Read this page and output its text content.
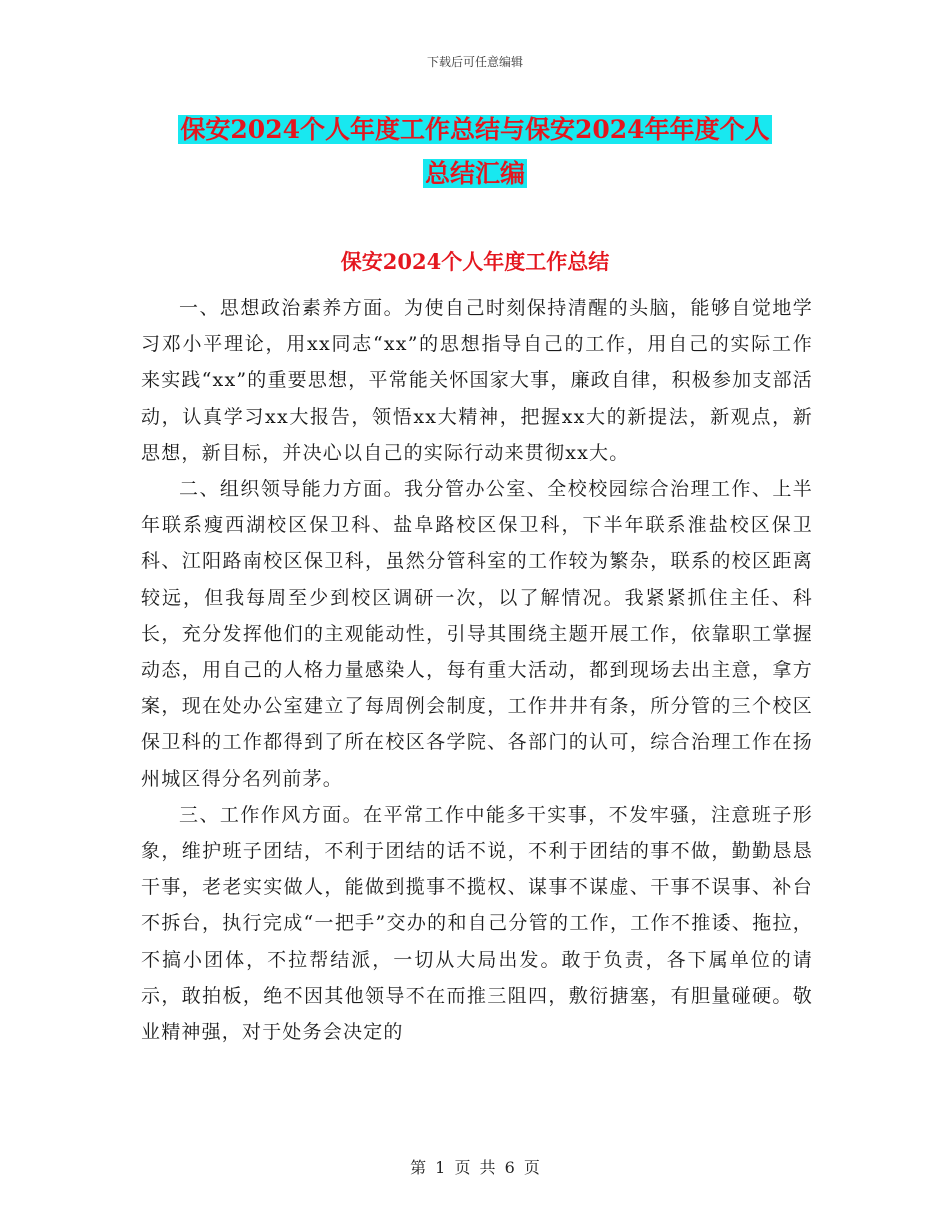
下载后可任意编辑
保安2024个人年度工作总结与保安2024年年度个人
总结汇编
保安2024个人年度工作总结

一、思想政治素养方面。为使自己时刻保持清醒的头脑，能够自觉地学习邓小平理论，用xx同志“xx”的思想指导自己的工作，用自己的实际工作来实践“xx”的重要思想，平常能关怀国家大事，廉政自律，积极参加支部活动，认真学习xx大报告，领悟xx大精神，把握xx大的新提法，新观点，新思想，新目标，并决心以自己的实际行动来贯彻xx大。

二、组织领导能力方面。我分管办公室、全校校园综合治理工作、上半年联系瘦西湖校区保卫科、盐阜路校区保卫科，下半年联系淮盐校区保卫科、江阳路南校区保卫科，虽然分管科室的工作较为繁杂，联系的校区距离较远，但我每周至少到校区调研一次，以了解情况。我紧紧抓住主任、科长，充分发挥他们的主观能动性，引导其围绕主题开展工作，依靠职工掌握动态，用自己的人格力量感染人，每有重大活动，都到现场去出主意，拿方案，现在处办公室建立了每周例会制度，工作井井有条，所分管的三个校区保卫科的工作都得到了所在校区各学院、各部门的认可，综合治理工作在扬州城区得分名列前茅。

三、工作作风方面。在平常工作中能多干实事，不发牢骚，注意班子形象，维护班子团结，不利于团结的话不说，不利于团结的事不做，勤勤恳恳干事，老老实实做人，能做到揽事不揽权、谋事不谋虚、干事不误事、补台不拆台，执行完成“一把手”交办的和自己分管的工作，工作不推诿、拖拉，不搞小团体，不拉帮结派，一切从大局出发。敢于负责，各下属单位的请示，敢拍板，绝不因其他领导不在而推三阻四，敷衍搪塞，有胆量碰硬。敬业精神强，对于处务会决定的

第 1 页 共 6 页
